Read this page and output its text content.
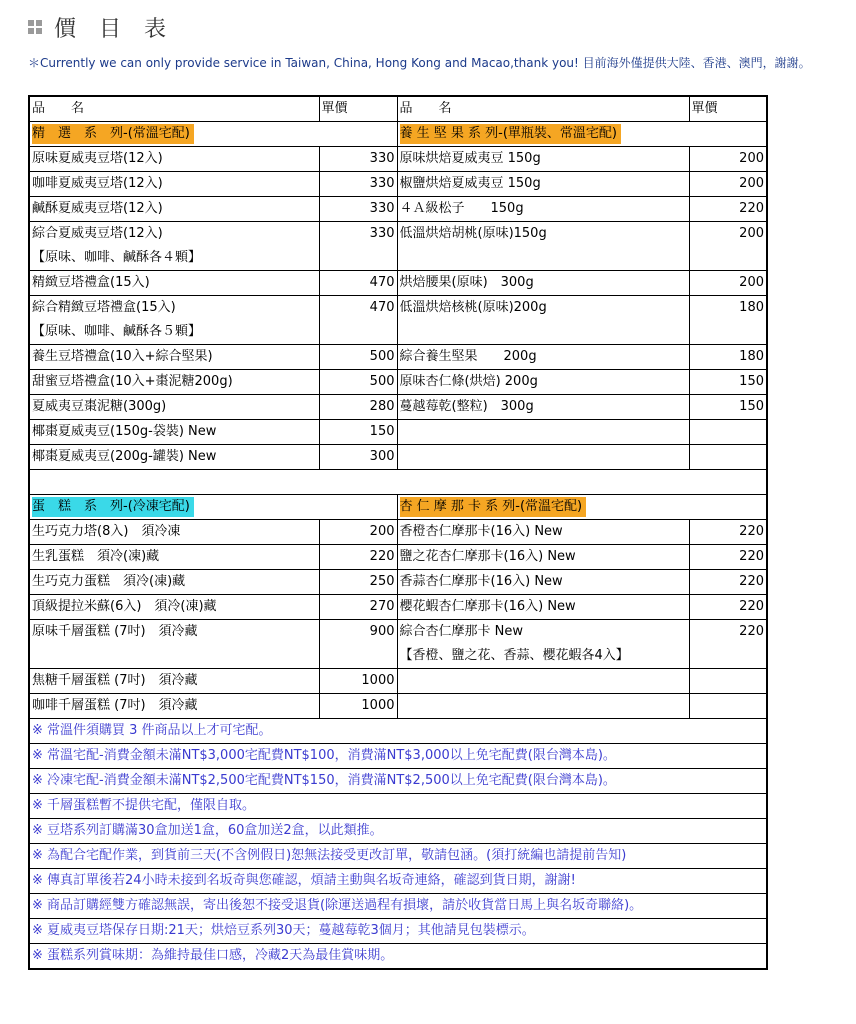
價 目 表
＊Currently we can only provide service in Taiwan, China, Hong Kong and Macao,thank you! 目前海外僅提供大陸、香港、澳門，謝謝。
品　　名	單價	品　　名	單價
精　選　系　列-(常溫宅配)		養 生 堅 果 系 列-(單瓶裝、常溫宅配)	

原味夏威夷豆塔(12入)	330	原味烘焙夏威夷豆 150g	200

咖啡夏威夷豆塔(12入)	330	椒鹽烘焙夏威夷豆 150g	200

鹹酥夏威夷豆塔(12入)	330	４Ａ級松子　　150g	220

綜合夏威夷豆塔(12入)
【原味、咖啡、鹹酥各４顆】	330	低溫烘焙胡桃(原味)150g	200

精緻豆塔禮盒(15入)	470	烘焙腰果(原味)　300g	200

綜合精緻豆塔禮盒(15入)
【原味、咖啡、鹹酥各５顆】	470	低溫烘焙核桃(原味)200g	180

養生豆塔禮盒(10入+綜合堅果)	500	綜合養生堅果　　200g	180

甜蜜豆塔禮盒(10入+棗泥糖200g)	500	原味杏仁條(烘焙) 200g	150

夏威夷豆棗泥糖(300g)	280	蔓越莓乾(整粒)　300g	150

椰棗夏威夷豆(150g-袋裝) New	150		

椰棗夏威夷豆(200g-罐裝) New	300		

蛋　糕　系　列-(冷凍宅配)		杏 仁 摩 那 卡 系 列-(常溫宅配)	

生巧克力塔(8入)　須冷凍	200	香橙杏仁摩那卡(16入) New	220

生乳蛋糕　須冷(凍)藏	220	鹽之花杏仁摩那卡(16入) New	220

生巧克力蛋糕　須冷(凍)藏	250	香蒜杏仁摩那卡(16入) New	220

頂級提拉米蘇(6入)　須冷(凍)藏	270	櫻花蝦杏仁摩那卡(16入) New	220

原味千層蛋糕 (7吋)　須冷藏	900	綜合杏仁摩那卡 New
【香橙、鹽之花、香蒜、櫻花蝦各4入】	220

焦糖千層蛋糕 (7吋)　須冷藏	1000		

咖啡千層蛋糕 (7吋)　須冷藏	1000		
※ 常溫件須購買 3 件商品以上才可宅配。			
※ 常溫宅配-消費金額未滿NT$3,000宅配費NT$100，消費滿NT$3,000以上免宅配費(限台灣本島)。			
※ 冷凍宅配-消費金額未滿NT$2,500宅配費NT$150，消費滿NT$2,500以上免宅配費(限台灣本島)。			
※ 千層蛋糕暫不提供宅配，僅限自取。			
※ 豆塔系列訂購滿30盒加送1盒，60盒加送2盒，以此類推。			
※ 為配合宅配作業，到貨前三天(不含例假日)恕無法接受更改訂單，敬請包涵。(須打統編也請提前告知)			
※ 傳真訂單後若24小時未接到名坂奇與您確認，煩請主動與名坂奇連絡，確認到貨日期，謝謝!			
※ 商品訂購經雙方確認無誤，寄出後恕不接受退貨(除運送過程有損壞，請於收貨當日馬上與名坂奇聯絡)。			
※ 夏威夷豆塔保存日期:21天；烘焙豆系列30天；蔓越莓乾3個月；其他請見包裝標示。			
※ 蛋糕系列賞味期：為維持最佳口感，冷藏2天為最佳賞味期。			
